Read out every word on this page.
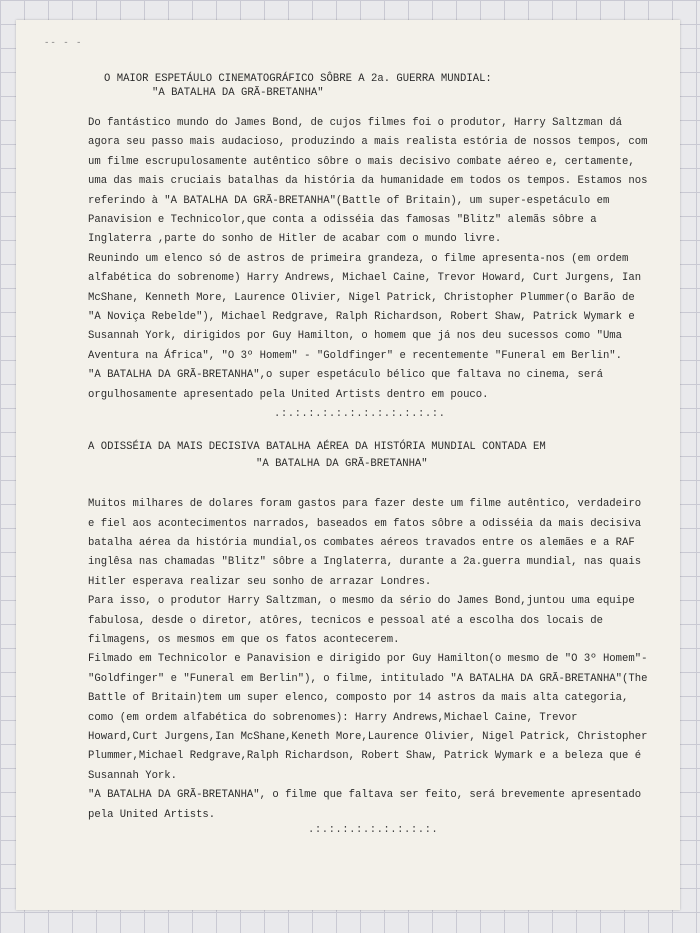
-- - -

O MAIOR ESPETÁULO CINEMATOGRÁFICO SÔBRE A 2a. GUERRA MUNDIAL:

"A BATALHA DA GRÃ-BRETANHA"

Do fantástico mundo do James Bond, de cujos filmes foi o produtor, Harry Saltzman dá agora seu passo mais audacioso, produzindo a mais realista estória de nossos tempos, com um filme escrupulosamente autêntico sôbre o mais decisivo combate aéreo e, certamente, uma das mais cruciais batalhas da história da humanidade em todos os tempos. Estamos nos referindo à "A BATALHA DA GRÃ-BRETANHA"(Battle of Britain), um super-espetáculo em Panavision e Technicolor,que conta a odisséia das famosas "Blitz" alemãs sôbre a Inglaterra ,parte do sonho de Hitler de acabar com o mundo livre.

Reunindo um elenco só de astros de primeira grandeza, o filme apresenta-nos (em ordem alfabética do sobrenome) Harry Andrews, Michael Caine, Trevor Howard, Curt Jurgens, Ian McShane, Kenneth More, Laurence Olivier, Nigel Patrick, Christopher Plummer(o Barão de "A Noviça Rebelde"), Michael Redgrave, Ralph Richardson, Robert Shaw, Patrick Wymark e Susannah York, dirigidos por Guy Hamilton, o homem que já nos deu sucessos como "Uma Aventura na África", "O 3º Homem" - "Goldfinger" e recentemente "Funeral em Berlin".

"A BATALHA DA GRÃ-BRETANHA",o super espetáculo bélico que faltava no cinema, será orgulhosamente apresentado pela United Artists dentro em pouco.

.:.:.:.:.:.:.:.:.:.:.:.:.

A ODISSÉIA DA MAIS DECISIVA BATALHA AÉREA DA HISTÓRIA MUNDIAL CONTADA EM

"A BATALHA DA GRÃ-BRETANHA"

Muitos milhares de dolares foram gastos para fazer deste um filme autêntico, verdadeiro e fiel aos acontecimentos narrados, baseados em fatos sôbre a odisséia da mais decisiva batalha aérea da história mundial,os combates aéreos travados entre os alemães e a RAF inglêsa nas chamadas "Blitz" sôbre a Inglaterra, durante a 2a.guerra mundial, nas quais Hitler esperava realizar seu sonho de arrazar Londres.

Para isso, o produtor Harry Saltzman, o mesmo da sério do James Bond,juntou uma equipe fabulosa, desde o diretor, atôres, tecnicos e pessoal até a escolha dos locais de filmagens, os mesmos em que os fatos acontecerem.

Filmado em Technicolor e Panavision e dirigido por Guy Hamilton(o mesmo de "O 3º Homem"- "Goldfinger" e "Funeral em Berlin"), o filme, intitulado "A BATALHA DA GRÃ-BRETANHA"(The Battle of Britain)tem um super elenco, composto por 14 astros da mais alta categoria, como (em ordem alfabética do sobrenomes): Harry Andrews,Michael Caine, Trevor Howard,Curt Jurgens,Ian McShane,Keneth More,Laurence Olivier, Nigel Patrick, Christopher Plummer,Michael Redgrave,Ralph Richardson, Robert Shaw, Patrick Wymark e a beleza que é Susannah York.

"A BATALHA DA GRÃ-BRETANHA", o filme que faltava ser feito, será brevemente apresentado pela United Artists.

.:.:.:.:.:.:.:.:.:.
